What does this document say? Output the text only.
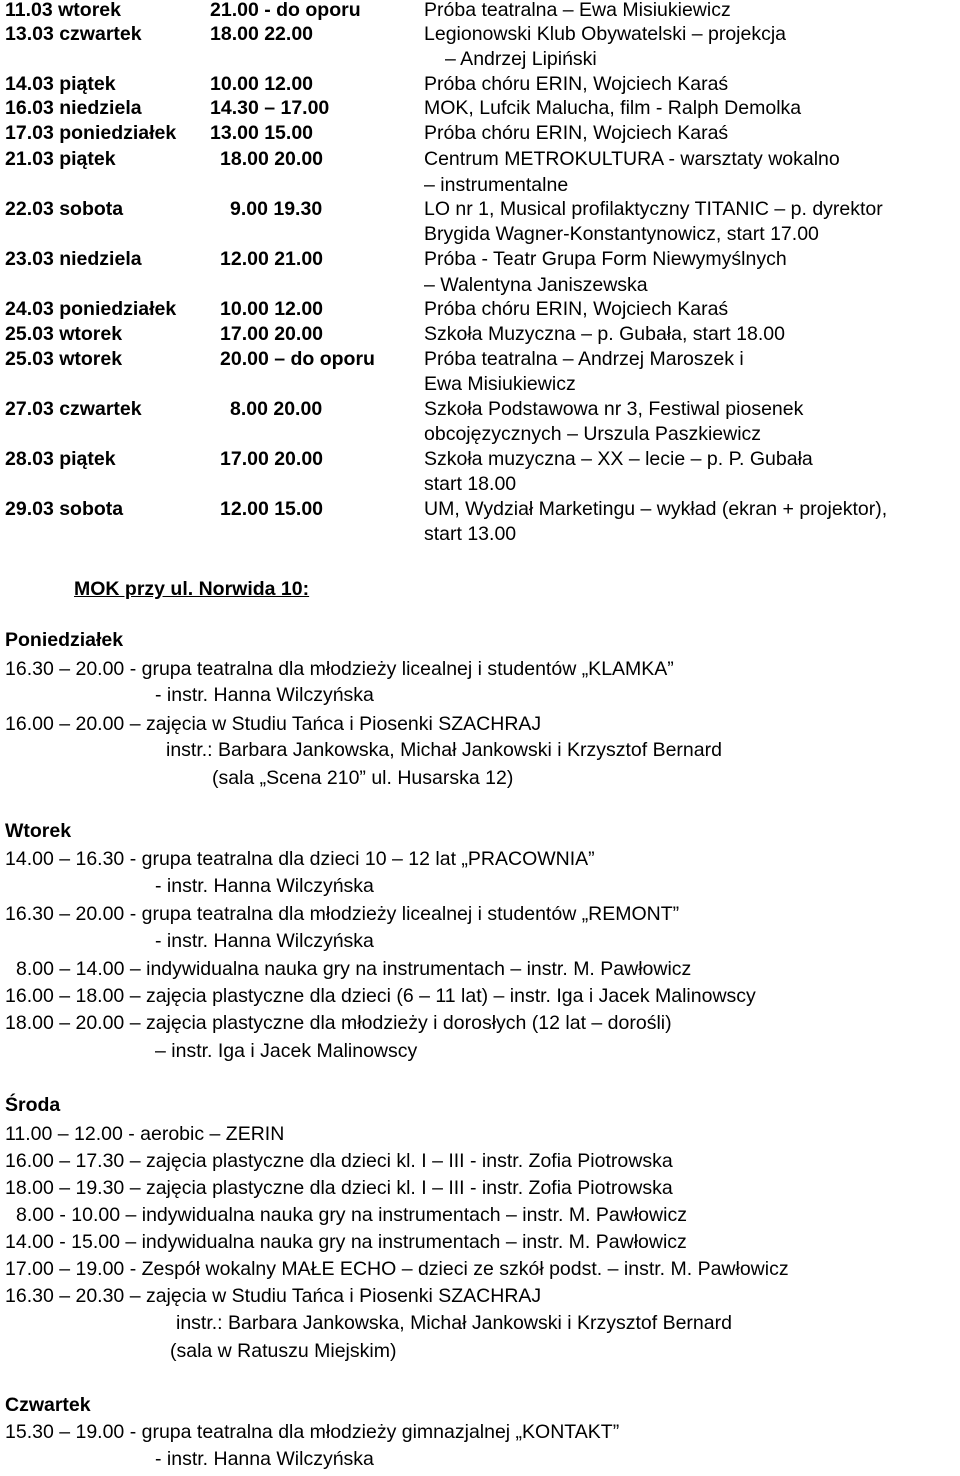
11.03 wtorek	21.00 - do oporu	Próba teatralna – Ewa Misiukiewicz
13.03 czwartek	18.00 22.00	Legionowski Klub Obywatelski – projekcja
– Andrzej Lipiński
14.03 piątek	10.00 12.00	Próba chóru ERIN, Wojciech Karaś
16.03 niedziela	14.30 – 17.00	MOK, Lufcik Malucha, film - Ralph Demolka
17.03 poniedziałek 13.00 15.00	Próba chóru ERIN, Wojciech Karaś
21.03 piątek	18.00 20.00	Centrum METROKULTURA - warsztaty wokalno
– instrumentalne
22.03 sobota	9.00 19.30	LO nr 1, Musical profilaktyczny TITANIC – p. dyrektor
Brygida Wagner-Konstantynowicz, start 17.00
23.03 niedziela	12.00 21.00	Próba - Teatr Grupa Form Niewymyślnych
– Walentyna Janiszewska
24.03 poniedziałek 10.00 12.00	Próba chóru ERIN, Wojciech Karaś
25.03 wtorek	17.00 20.00	Szkoła Muzyczna – p. Gubała, start 18.00
25.03 wtorek	20.00 – do oporu	Próba teatralna – Andrzej Maroszek i
Ewa Misiukiewicz
27.03 czwartek	8.00 20.00	Szkoła Podstawowa nr 3, Festiwal piosenek
obcojęzycznych – Urszula Paszkiewicz
28.03 piątek	17.00 20.00	Szkoła muzyczna – XX – lecie – p. P. Gubała
start 18.00
29.03 sobota	12.00 15.00	UM, Wydział Marketingu – wykład (ekran + projektor),
start 13.00
MOK przy ul. Norwida 10:
Poniedziałek
16.30 – 20.00 - grupa teatralna dla młodzieży licealnej i studentów „KLAMKA”
- instr. Hanna Wilczyńska
16.00 – 20.00 – zajęcia w Studiu Tańca i Piosenki SZACHRAJ
instr.: Barbara Jankowska, Michał Jankowski i Krzysztof Bernard
(sala „Scena 210” ul. Husarska 12)
Wtorek
14.00 – 16.30 - grupa teatralna dla dzieci 10 – 12 lat „PRACOWNIA”
- instr. Hanna Wilczyńska
16.30 – 20.00 - grupa teatralna dla młodzieży licealnej i studentów „REMONT”
- instr. Hanna Wilczyńska
8.00 – 14.00 – indywidualna nauka gry na instrumentach – instr. M. Pawłowicz
16.00 – 18.00 – zajęcia plastyczne dla dzieci (6 – 11 lat) – instr. Iga i Jacek Malinowscy
18.00 – 20.00 – zajęcia plastyczne dla młodzieży i dorosłych (12 lat – dorośli)
– instr. Iga i Jacek Malinowscy
Środa
11.00 – 12.00 - aerobic – ZERIN
16.00 – 17.30 – zajęcia plastyczne dla dzieci kl. I – III - instr. Zofia Piotrowska
18.00 – 19.30 – zajęcia plastyczne dla dzieci kl. I – III - instr. Zofia Piotrowska
8.00 - 10.00 – indywidualna nauka gry na instrumentach – instr. M. Pawłowicz
14.00 - 15.00 – indywidualna nauka gry na instrumentach – instr. M. Pawłowicz
17.00 – 19.00 - Zespół wokalny MAŁE ECHO – dzieci ze szkół podst. – instr. M. Pawłowicz
16.30 – 20.30 – zajęcia w Studiu Tańca i Piosenki SZACHRAJ
instr.: Barbara Jankowska, Michał Jankowski i Krzysztof Bernard
(sala w Ratuszu Miejskim)
Czwartek
15.30 – 19.00 - grupa teatralna dla młodzieży gimnazjalnej „KONTAKT”
- instr. Hanna Wilczyńska
